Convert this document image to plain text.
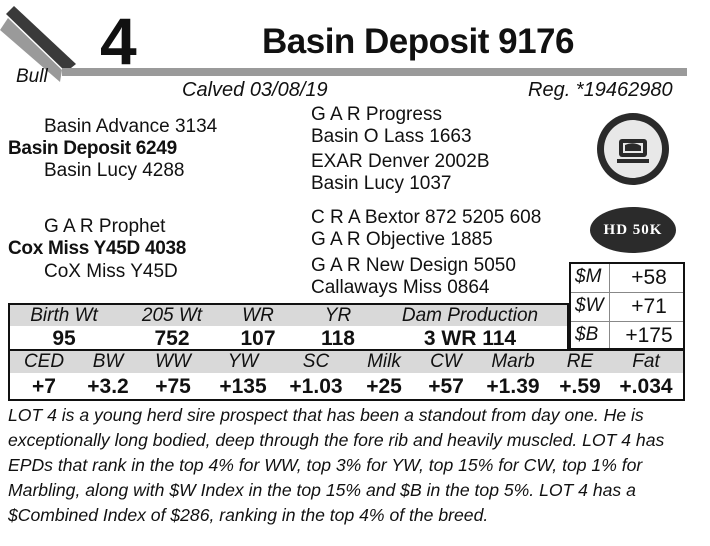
Bull 4	Basin Deposit 9176
Calved 03/08/19	Reg. *19462980
Basin Advance 3134
Basin Deposit 6249
Basin Lucy 4288
G A R Progress
Basin O Lass 1663
EXAR Denver 2002B
Basin Lucy 1037
G A R Prophet
Cox Miss Y45D 4038
CoX Miss Y45D
C R A Bextor 872 5205 608
G A R Objective 1885
G A R New Design 5050
Callaways Miss 0864
HD 50K
$M	+58
$W	+71
$B	+175
Birth Wt	205 Wt	WR	YR	Dam Production
95	752	107	118	3 WR 114
CED	BW	WW	YW	SC	Milk	CW	Marb	RE	Fat
+7	+3.2	+75	+135	+1.03	+25	+57	+1.39 +.59 +.034
LOT 4 is a young herd sire prospect that has been a standout from day one. He is
exceptionally long bodied, deep through the fore rib and heavily muscled. LOT 4 has
EPDs that rank in the top 4% for WW, top 3% for YW, top 15% for CW, top 1% for
Marbling, along with $W Index in the top 15% and $B in the top 5%. LOT 4 has a
$Combined Index of $286, ranking in the top 4% of the breed.
